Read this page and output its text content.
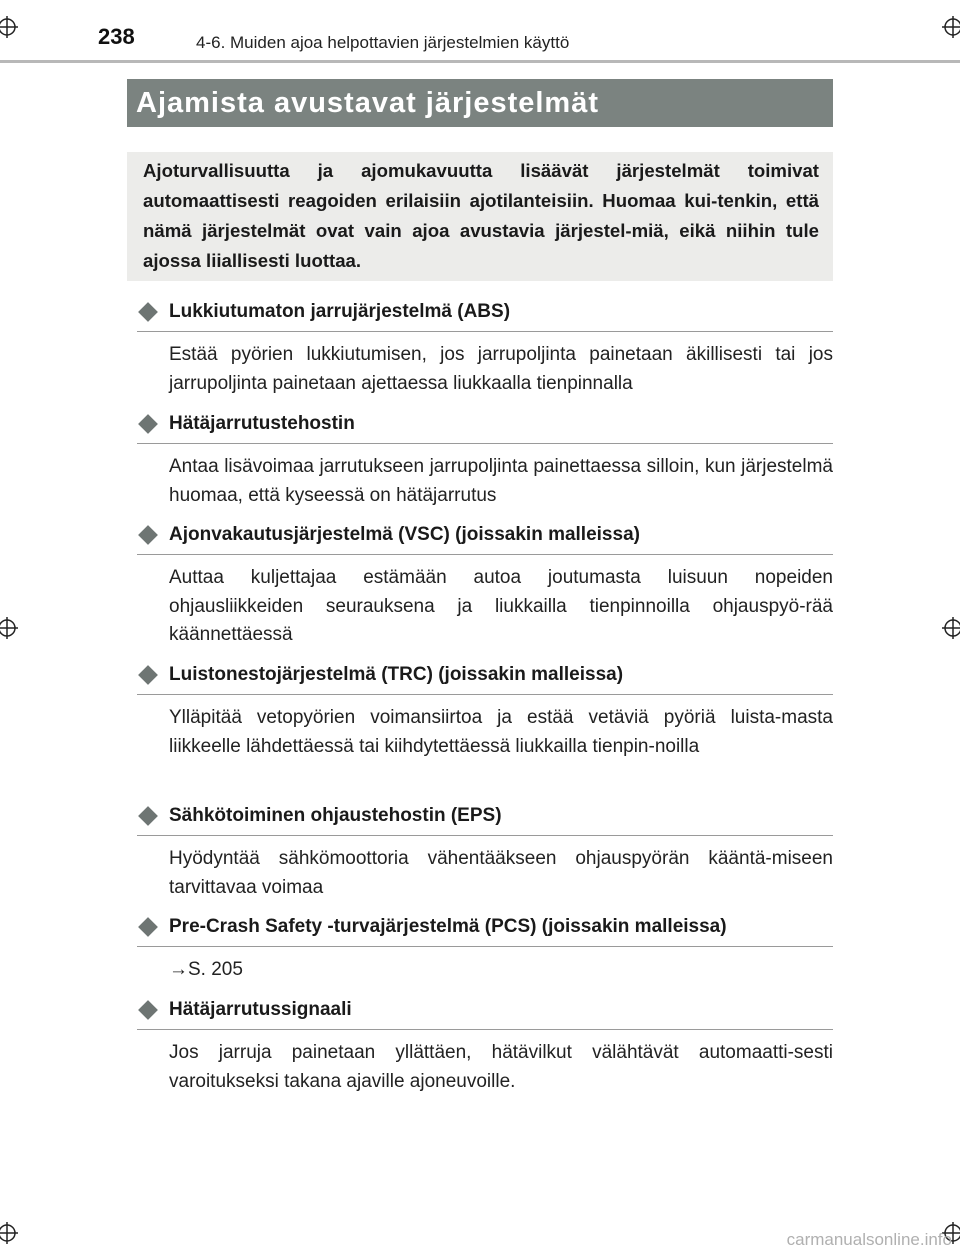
238	4-6. Muiden ajoa helpottavien järjestelmien käyttö
Ajamista avustavat järjestelmät

Ajoturvallisuutta ja ajomukavuutta lisäävät järjestelmät toimivat automaattisesti reagoiden erilaisiin ajotilanteisiin. Huomaa kui-tenkin, että nämä järjestelmät ovat vain ajoa avustavia järjestel-miä, eikä niihin tule ajossa liiallisesti luottaa.

Lukkiutumaton jarrujärjestelmä (ABS)
Estää pyörien lukkiutumisen, jos jarrupoljinta painetaan äkillisesti tai jos jarrupoljinta painetaan ajettaessa liukkaalla tienpinnalla
Hätäjarrutustehostin
Antaa lisävoimaa jarrutukseen jarrupoljinta painettaessa silloin, kun järjestelmä huomaa, että kyseessä on hätäjarrutus
Ajonvakautusjärjestelmä (VSC) (joissakin malleissa)
Auttaa kuljettajaa estämään autoa joutumasta luisuun nopeiden ohjausliikkeiden seurauksena ja liukkailla tienpinnoilla ohjauspyö-rää käännettäessä
Luistonestojärjestelmä (TRC) (joissakin malleissa)
Ylläpitää vetopyörien voimansiirtoa ja estää vetäviä pyöriä luista-masta liikkeelle lähdettäessä tai kiihdytettäessä liukkailla tienpin-noilla
Sähkötoiminen ohjaustehostin (EPS)
Hyödyntää sähkömoottoria vähentääkseen ohjauspyörän kääntä-miseen tarvittavaa voimaa
Pre-Crash Safety -turvajärjestelmä (PCS) (joissakin malleissa)
→S. 205
Hätäjarrutussignaali
Jos jarruja painetaan yllättäen, hätävilkut välähtävät automaatti-sesti varoitukseksi takana ajaville ajoneuvoille.
carmanualsonline.info
